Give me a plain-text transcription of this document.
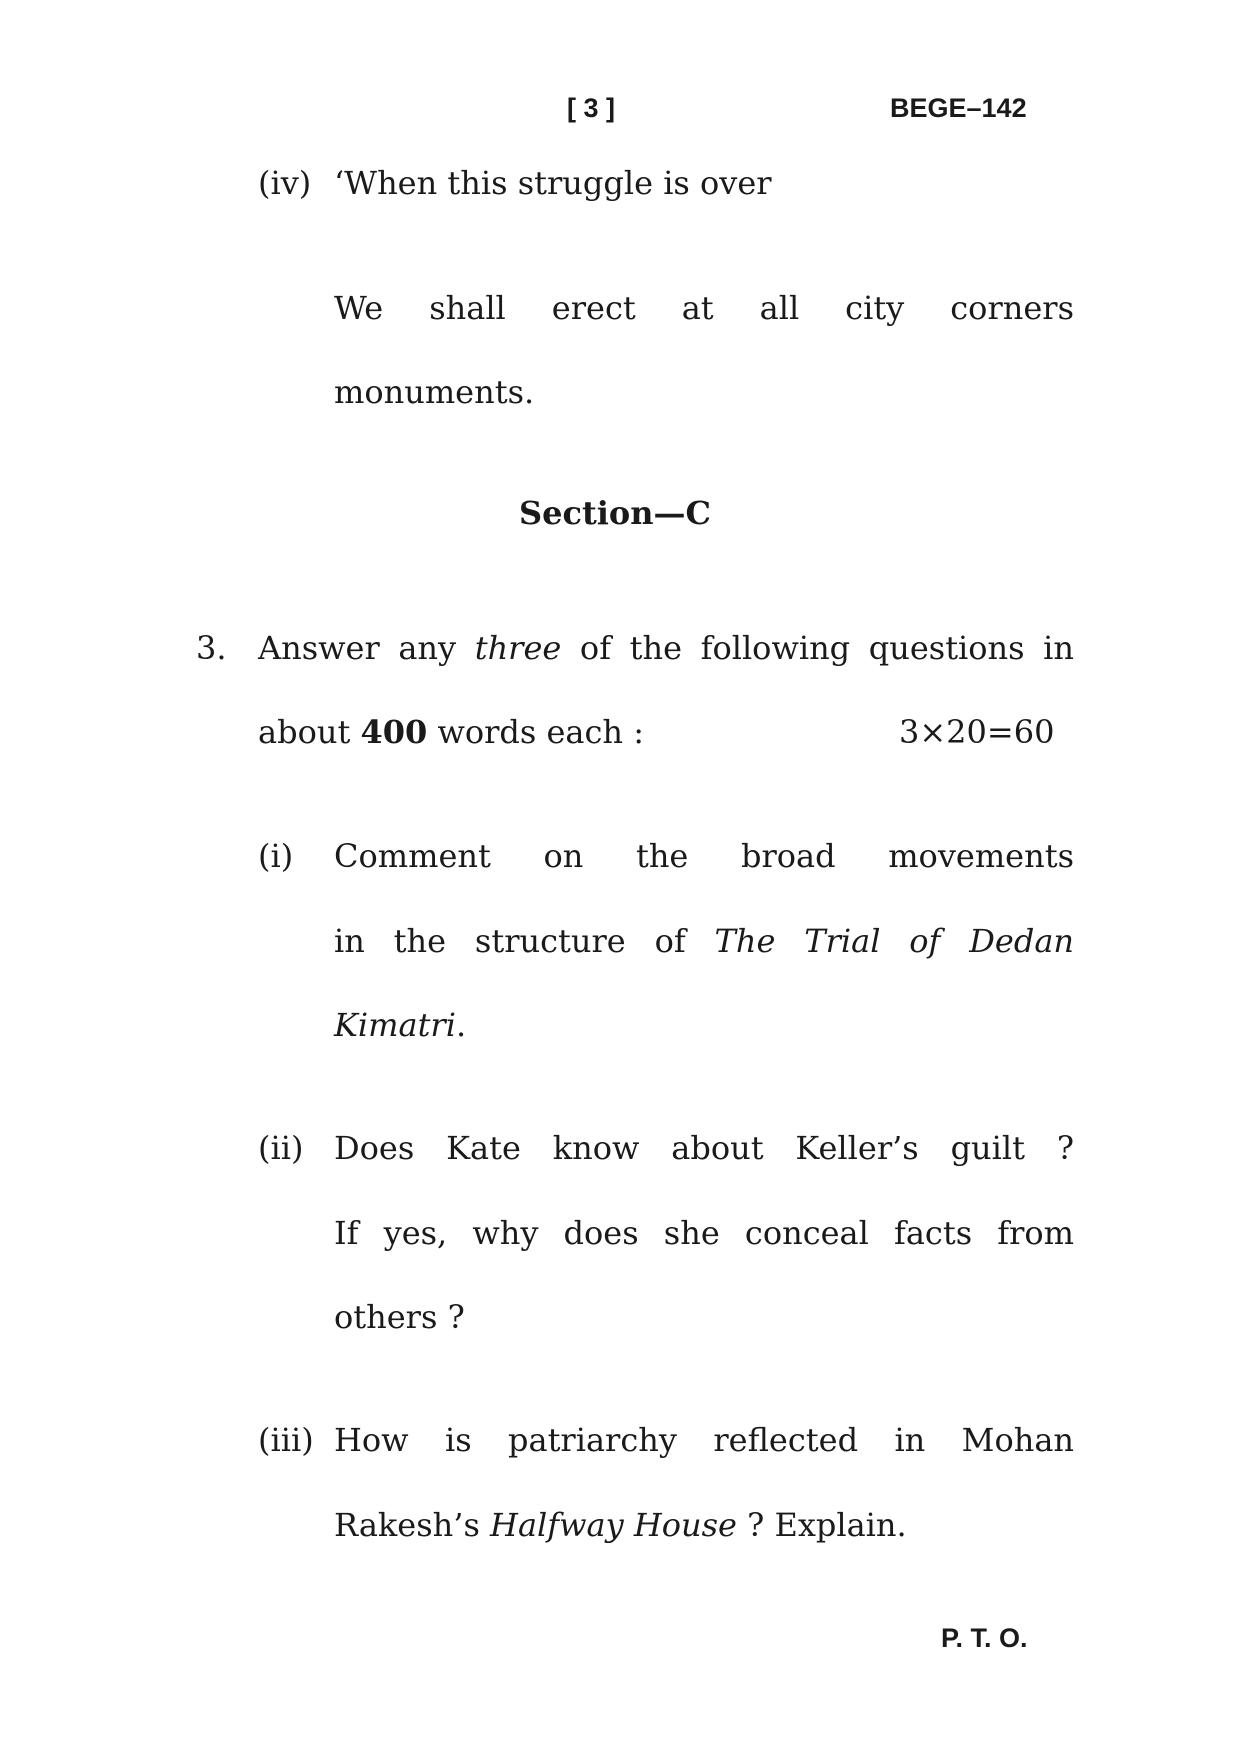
[ 3 ]	BEGE–142
(iv) ‘When this struggle is over
We shall erect at all city corners
monuments.
Section—C
3. Answer any three of the following questions in
about 400 words each :	3×20=60
(i) Comment on the broad movements
in the structure of The Trial of Dedan
Kimatri.
(ii) Does Kate know about Keller’s guilt ?
If yes, why does she conceal facts from
others ?
(iii) How is patriarchy reflected in Mohan
Rakesh’s Halfway House ? Explain.
P. T. O.
